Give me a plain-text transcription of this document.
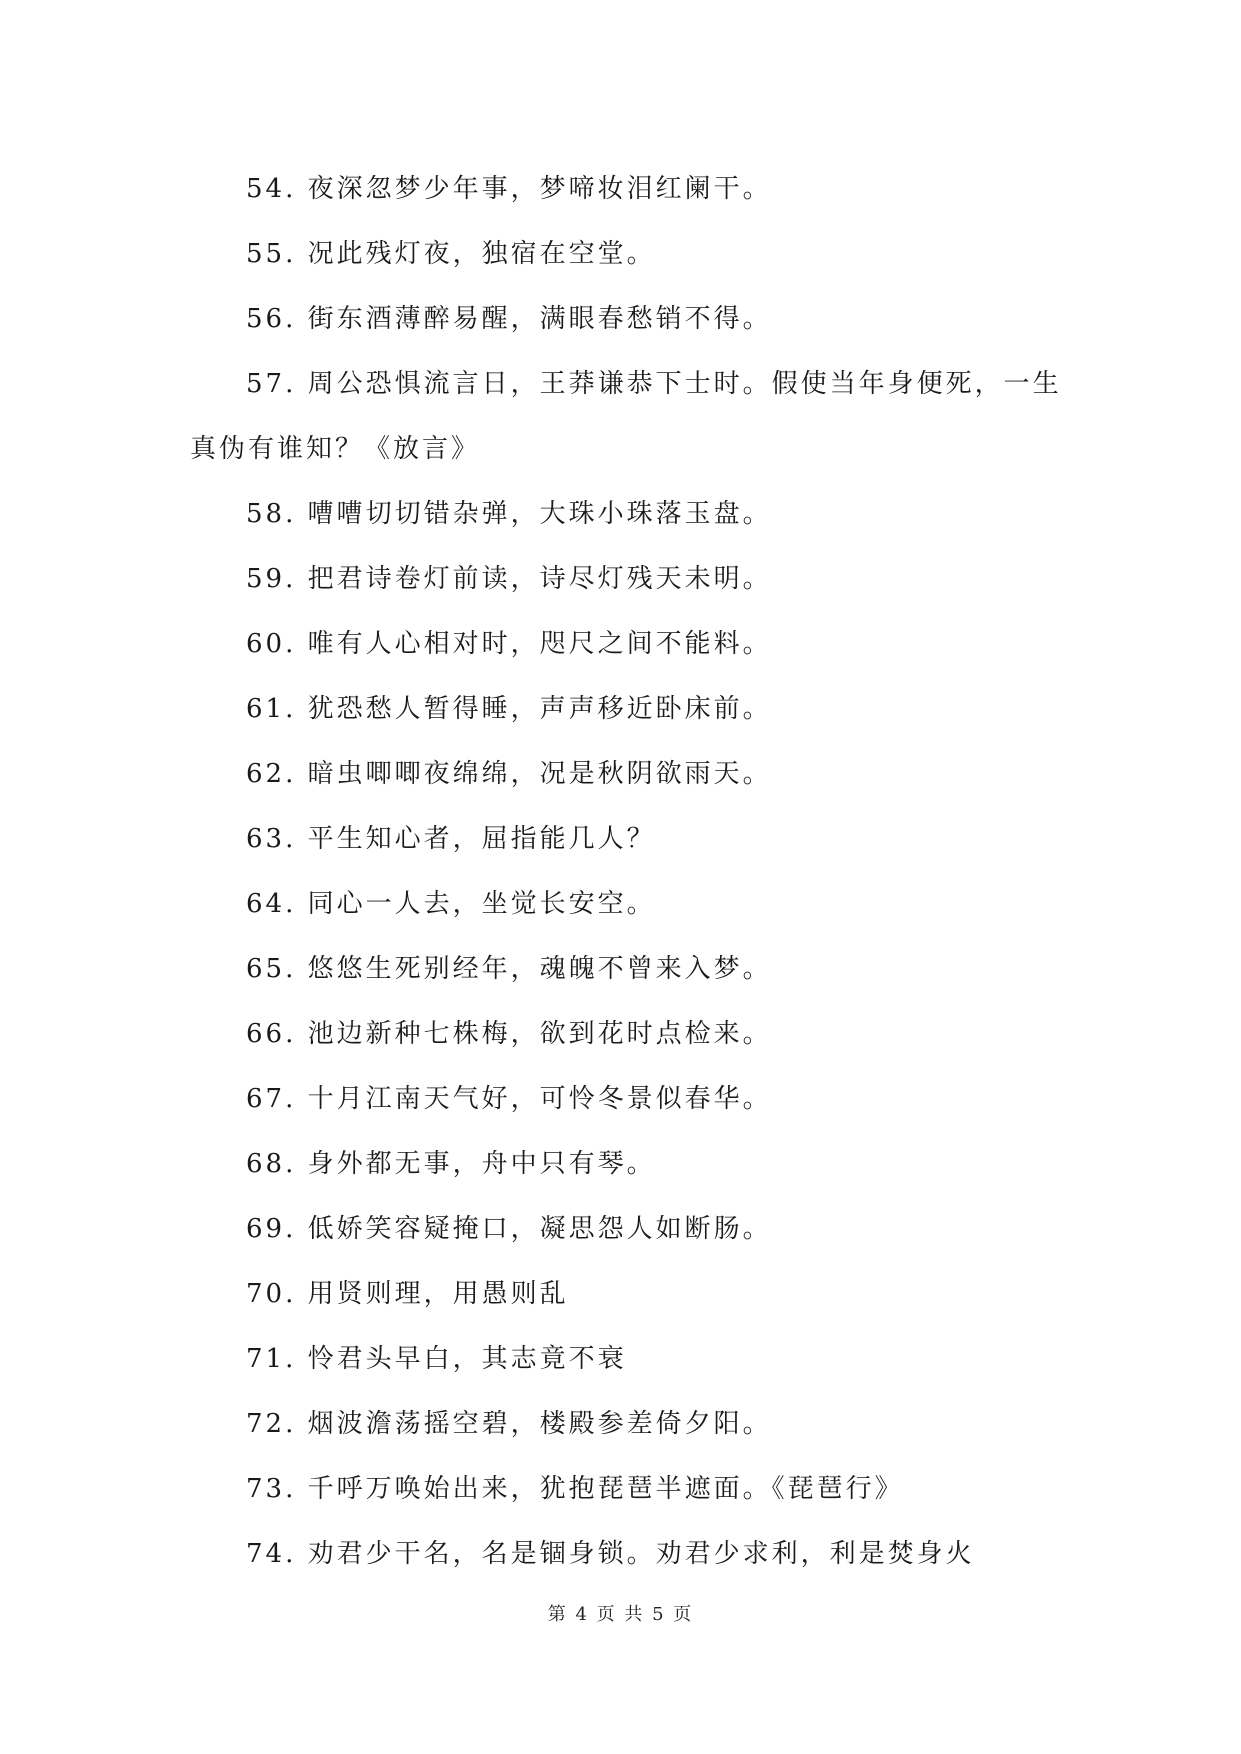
54. 夜深忽梦少年事，梦啼妆泪红阑干。
55. 况此残灯夜，独宿在空堂。
56. 街东酒薄醉易醒，满眼春愁销不得。
57. 周公恐惧流言日，王莽谦恭下士时。假使当年身便死，一生
真伪有谁知？《放言》
58. 嘈嘈切切错杂弹，大珠小珠落玉盘。
59. 把君诗卷灯前读，诗尽灯残天未明。
60. 唯有人心相对时，咫尺之间不能料。
61. 犹恐愁人暂得睡，声声移近卧床前。
62. 暗虫唧唧夜绵绵，况是秋阴欲雨天。
63. 平生知心者，屈指能几人？
64. 同心一人去，坐觉长安空。
65. 悠悠生死别经年，魂魄不曾来入梦。
66. 池边新种七株梅，欲到花时点检来。
67. 十月江南天气好，可怜冬景似春华。
68. 身外都无事，舟中只有琴。
69. 低娇笑容疑掩口，凝思怨人如断肠。
70. 用贤则理，用愚则乱
71. 怜君头早白，其志竟不衰
72. 烟波澹荡摇空碧，楼殿参差倚夕阳。
73. 千呼万唤始出来，犹抱琵琶半遮面。《琵琶行》
74. 劝君少干名，名是锢身锁。劝君少求利，利是焚身火
第 4 页 共 5 页
